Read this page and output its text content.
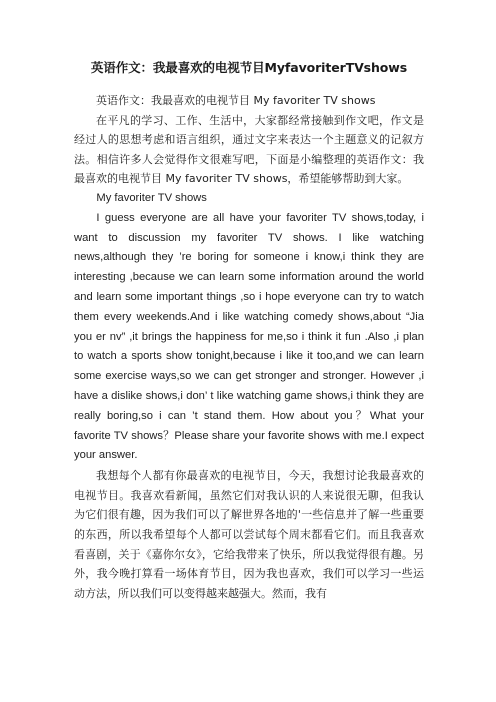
英语作文：我最喜欢的电视节目MyfavoriterTVshows

英语作文：我最喜欢的电视节目 My favoriter TV shows

在平凡的学习、工作、生活中，大家都经常接触到作文吧，作文是经过人的思想考虑和语言组织，通过文字来表达一个主题意义的记叙方法。相信许多人会觉得作文很难写吧，下面是小编整理的英语作文：我最喜欢的电视节目 My favoriter TV shows，希望能够帮助到大家。

My favoriter TV shows

I guess everyone are all have your favoriter TV shows,today, i want to discussion my favoriter TV shows. I like watching news,although they ’re boring for someone i know,i think they are interesting ,because we can learn some information around the world and learn some important things ,so i hope everyone can try to watch them every weekends.And i like watching comedy shows,about “Jia you er nv” ,it brings the happiness for me,so i think it fun .Also ,i plan to watch a sports show tonight,because i like it too,and we can learn some exercise ways,so we can get stronger and stronger. However ,i have a dislike shows,i don’ t like watching game shows,i think they are really boring,so i can ’t stand them. How about you？What your favorite TV shows？Please share your favorite shows with me.I expect your answer.

我想每个人都有你最喜欢的电视节目，今天，我想讨论我最喜欢的电视节目。我喜欢看新闻，虽然它们对我认识的人来说很无聊，但我认为它们很有趣，因为我们可以了解世界各地的'一些信息并了解一些重要的东西，所以我希望每个人都可以尝试每个周末都看它们。而且我喜欢看喜剧，关于《嘉你尔女》，它给我带来了快乐，所以我觉得很有趣。另外，我今晚打算看一场体育节目，因为我也喜欢，我们可以学习一些运动方法，所以我们可以变得越来越强大。然而，我有
